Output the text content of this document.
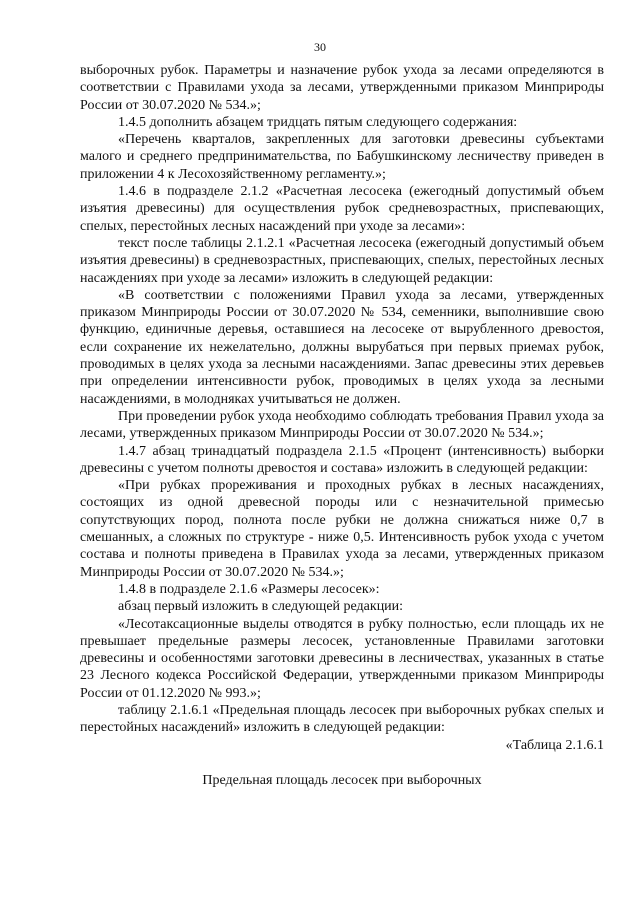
30

выборочных рубок. Параметры и назначение рубок ухода за лесами определяются в соответствии с Правилами ухода за лесами, утвержденными приказом Минприроды России от 30.07.2020 № 534.»;

1.4.5 дополнить абзацем тридцать пятым следующего содержания:

«Перечень кварталов, закрепленных для заготовки древесины субъектами малого и среднего предпринимательства, по Бабушкинскому лесничеству приведен в приложении 4 к Лесохозяйственному регламенту.»;

1.4.6 в подразделе 2.1.2 «Расчетная лесосека (ежегодный допустимый объем изъятия древесины) для осуществления рубок средневозрастных, приспевающих, спелых, перестойных лесных насаждений при уходе за лесами»:

текст после таблицы 2.1.2.1 «Расчетная лесосека (ежегодный допустимый объем изъятия древесины) в средневозрастных, приспевающих, спелых, перестойных лесных насаждениях при уходе за лесами» изложить в следующей редакции:

«В соответствии с положениями Правил ухода за лесами, утвержденных приказом Минприроды России от 30.07.2020 № 534, семенники, выполнившие свою функцию, единичные деревья, оставшиеся на лесосеке от вырубленного древостоя, если сохранение их нежелательно, должны вырубаться при первых приемах рубок, проводимых в целях ухода за лесными насаждениями. Запас древесины этих деревьев при определении интенсивности рубок, проводимых в целях ухода за лесными насаждениями, в молодняках учитываться не должен.

При проведении рубок ухода необходимо соблюдать требования Правил ухода за лесами, утвержденных приказом Минприроды России от 30.07.2020 № 534.»;

1.4.7 абзац тринадцатый подраздела 2.1.5 «Процент (интенсивность) выборки древесины с учетом полноты древостоя и состава» изложить в следующей редакции:

«При рубках прореживания и проходных рубках в лесных насаждениях, состоящих из одной древесной породы или с незначительной примесью сопутствующих пород, полнота после рубки не должна снижаться ниже 0,7 в смешанных, а сложных по структуре - ниже 0,5. Интенсивность рубок ухода с учетом состава и полноты приведена в Правилах ухода за лесами, утвержденных приказом Минприроды России от 30.07.2020 № 534.»;

1.4.8 в подразделе 2.1.6 «Размеры лесосек»:

абзац первый изложить в следующей редакции:

«Лесотаксационные выделы отводятся в рубку полностью, если площадь их не превышает предельные размеры лесосек, установленные Правилами заготовки древесины и особенностями заготовки древесины в лесничествах, указанных в статье 23 Лесного кодекса Российской Федерации, утвержденными приказом Минприроды России от 01.12.2020 № 993.»;

таблицу 2.1.6.1 «Предельная площадь лесосек при выборочных рубках спелых и перестойных насаждений» изложить в следующей редакции:

«Таблица 2.1.6.1

Предельная площадь лесосек при выборочных
